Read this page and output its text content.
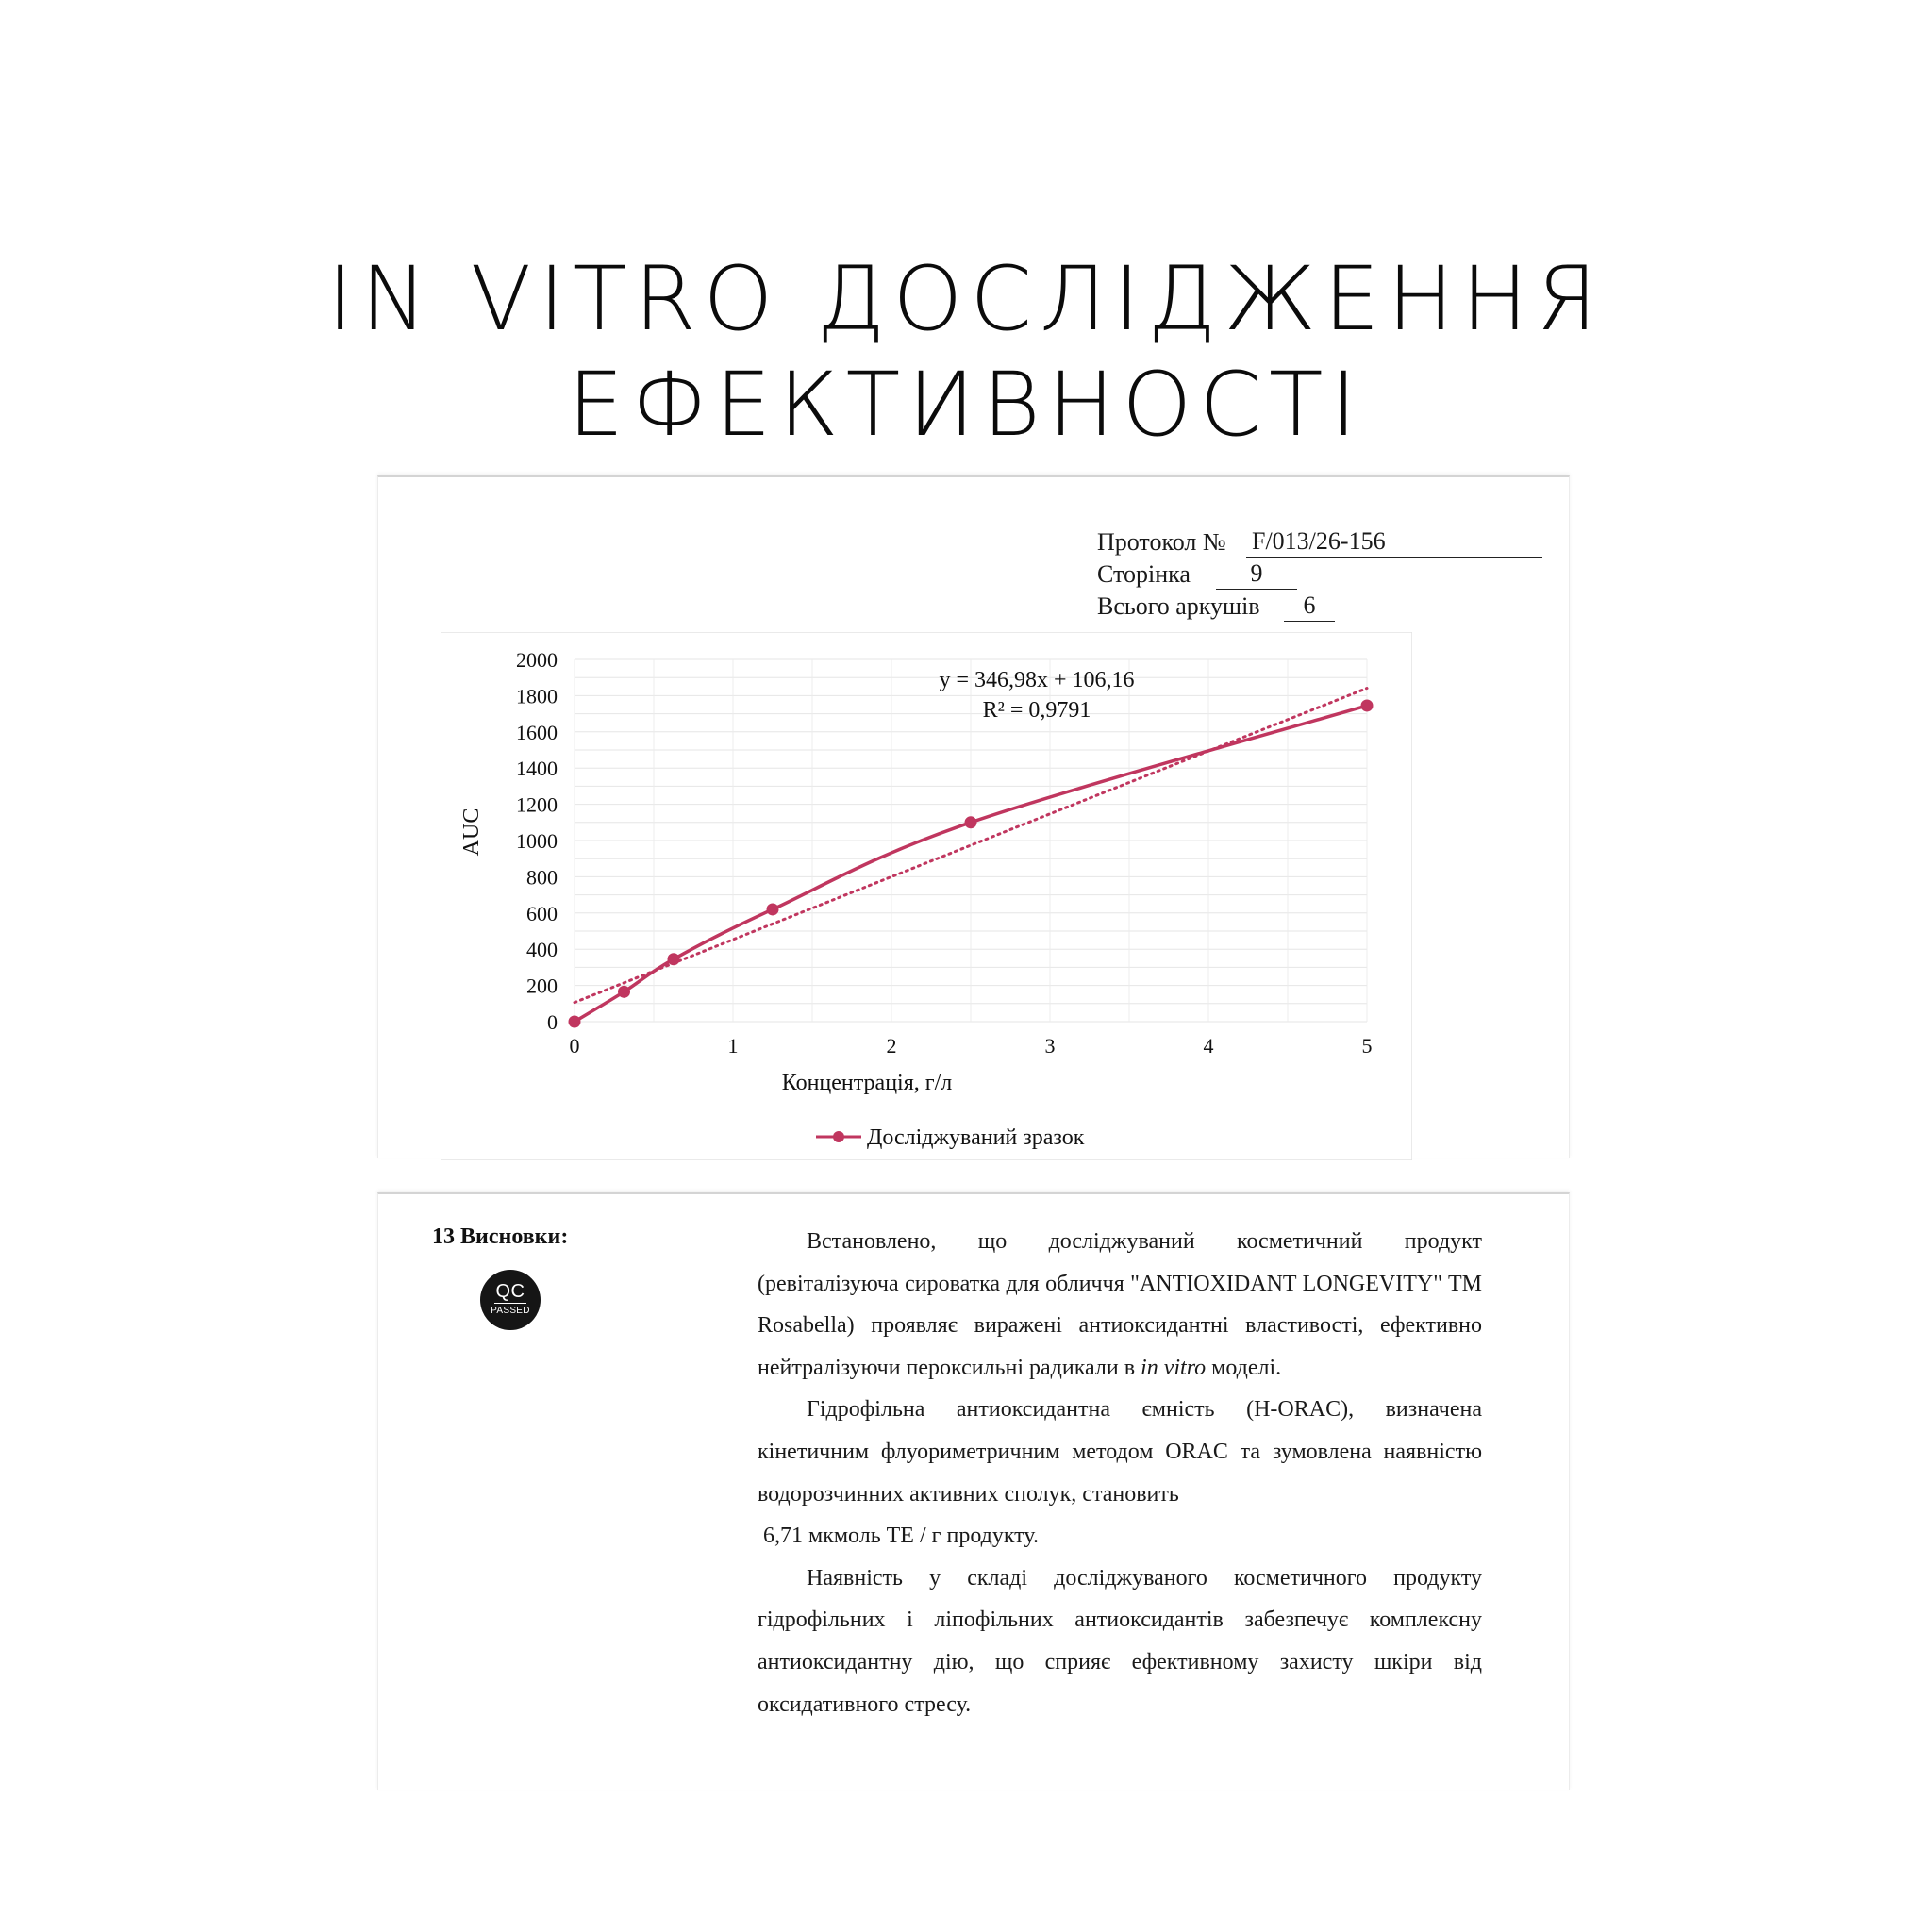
IN VITRO ДОСЛІДЖЕННЯ
ЕФЕКТИВНОСТІ
Протокол № F/013/26-156
Сторінка	9
Всього аркушів	6
0
200
400
600
800
1000
1200
1400
1600
1800
2000
0	1	2	3	4	5
AUC
Концентрація, г/л
y = 346,98x + 106,16
R² = 0,9791
Досліджуваний зразок
13 Висновки:
QC
PASSED

Встановлено, що досліджуваний косметичний продукт (ревіталізуюча сироватка для обличчя "ANTIOXIDANT LONGEVITY" TM Rosabella) проявляє виражені антиоксидантні властивості, ефективно нейтралізуючи пероксильні радикали в in vitro моделі.

Гідрофільна антиоксидантна ємність (H-ORAC), визначена кінетичним флуориметричним методом ORAC та зумовлена наявністю водорозчинних активних сполук, становить

6,71 мкмоль TE / г продукту.

Наявність у складі досліджуваного косметичного продукту гідрофільних і ліпофільних антиоксидантів забезпечує комплексну антиоксидантну дію, що сприяє ефективному захисту шкіри від оксидативного стресу.
